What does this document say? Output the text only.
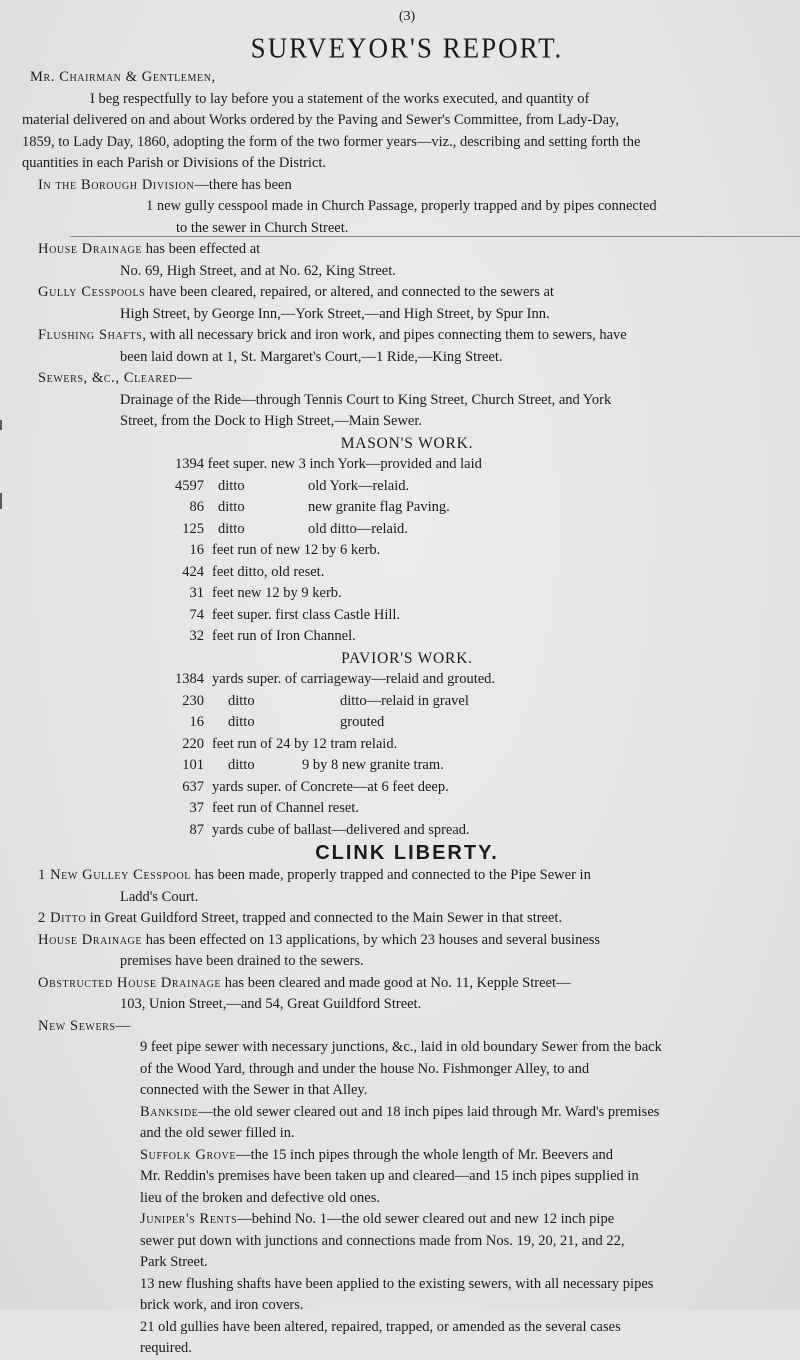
(3)
SURVEYOR'S REPORT.
Mr. Chairman & Gentlemen,
I beg respectfully to lay before you a statement of the works executed, and quantity of
material delivered on and about Works ordered by the Paving and Sewer's Committee, from Lady-Day,
1859, to Lady Day, 1860, adopting the form of the two former years—viz., describing and setting forth the
quantities in each Parish or Divisions of the District.
In the Borough Division—there has been
1 new gully cesspool made in Church Passage, properly trapped and by pipes connected
to the sewer in Church Street.
House Drainage has been effected at
No. 69, High Street, and at No. 62, King Street.
Gully Cesspools have been cleared, repaired, or altered, and connected to the sewers at
High Street, by George Inn,—York Street,—and High Street, by Spur Inn.
Flushing Shafts, with all necessary brick and iron work, and pipes connecting them to sewers, have
been laid down at 1, St. Margaret's Court,—1 Ride,—King Street.
Sewers, &c., Cleared—
Drainage of the Ride—through Tennis Court to King Street, Church Street, and York
Street, from the Dock to High Street,—Main Sewer.
MASON'S WORK.
1394 feet super. new 3 inch York—provided and laid
4597 ditto	old York—relaid.
86 ditto	new granite flag Paving.
125 ditto	old ditto—relaid.
16 feet run of new 12 by 6 kerb.
424 feet ditto, old reset.
31 feet new 12 by 9 kerb.
74 feet super. first class Castle Hill.
32 feet run of Iron Channel.
PAVIOR'S WORK.
1384 yards super. of carriageway—relaid and grouted.
230 ditto	ditto—relaid in gravel
16 ditto	grouted
220 feet run of 24 by 12 tram relaid.
101 ditto	9 by 8 new granite tram.
637 yards super. of Concrete—at 6 feet deep.
37 feet run of Channel reset.
87 yards cube of ballast—delivered and spread.
CLINK LIBERTY.
1 New Gulley Cesspool has been made, properly trapped and connected to the Pipe Sewer in
Ladd's Court.
2 Ditto in Great Guildford Street, trapped and connected to the Main Sewer in that street.
House Drainage has been effected on 13 applications, by which 23 houses and several business
premises have been drained to the sewers.
Obstructed House Drainage has been cleared and made good at No. 11, Kepple Street—
103, Union Street,—and 54, Great Guildford Street.
New Sewers—
9 feet pipe sewer with necessary junctions, &c., laid in old boundary Sewer from the back
of the Wood Yard, through and under the house No. Fishmonger Alley, to and
connected with the Sewer in that Alley.
Bankside—the old sewer cleared out and 18 inch pipes laid through Mr. Ward's premises
and the old sewer filled in.
Suffolk Grove—the 15 inch pipes through the whole length of Mr. Beevers and
Mr. Reddin's premises have been taken up and cleared—and 15 inch pipes supplied in
lieu of the broken and defective old ones.
Juniper's Rents—behind No. 1—the old sewer cleared out and new 12 inch pipe
sewer put down with junctions and connections made from Nos. 19, 20, 21, and 22,
Park Street.
13 new flushing shafts have been applied to the existing sewers, with all necessary pipes
brick work, and iron covers.
21 old gullies have been altered, repaired, trapped, or amended as the several cases
required.
